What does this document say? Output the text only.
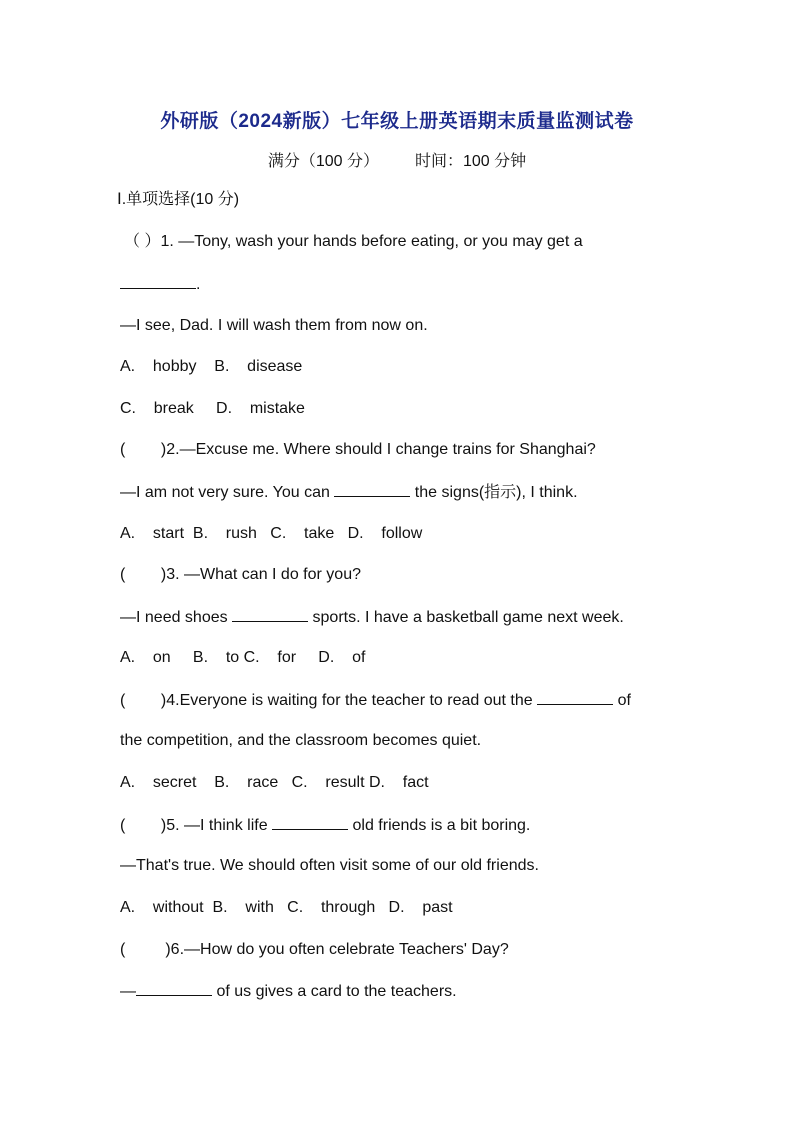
外研版（2024新版）七年级上册英语期末质量监测试卷
满分（100 分） 时间：100 分钟
Ⅰ.单项选择(10 分)
（ ）1. —Tony, wash your hands before eating, or you may get a
.
—I see, Dad. I will wash them from now on.
A.    hobby    B.    disease
C.    break     D.    mistake
(        )2.—Excuse me. Where should I change trains for Shanghai?
—I am not very sure. You can	the signs(指示), I think.
A.    start  B.    rush   C.    take   D.    follow
(        )3. —What can I do for you?
—I need shoes	sports. I have a basketball game next week.
A.    on     B.    to C.    for     D.    of
(        )4.Everyone is waiting for the teacher to read out the	of
the competition, and the classroom becomes quiet.
A.    secret    B.    race   C.    result D.    fact
(        )5. —I think life	old friends is a bit boring.
—That's true. We should often visit some of our old friends.
A.    without  B.    with   C.    through   D.    past
(         )6.—How do you often celebrate Teachers' Day?
—	of us gives a card to the teachers.
